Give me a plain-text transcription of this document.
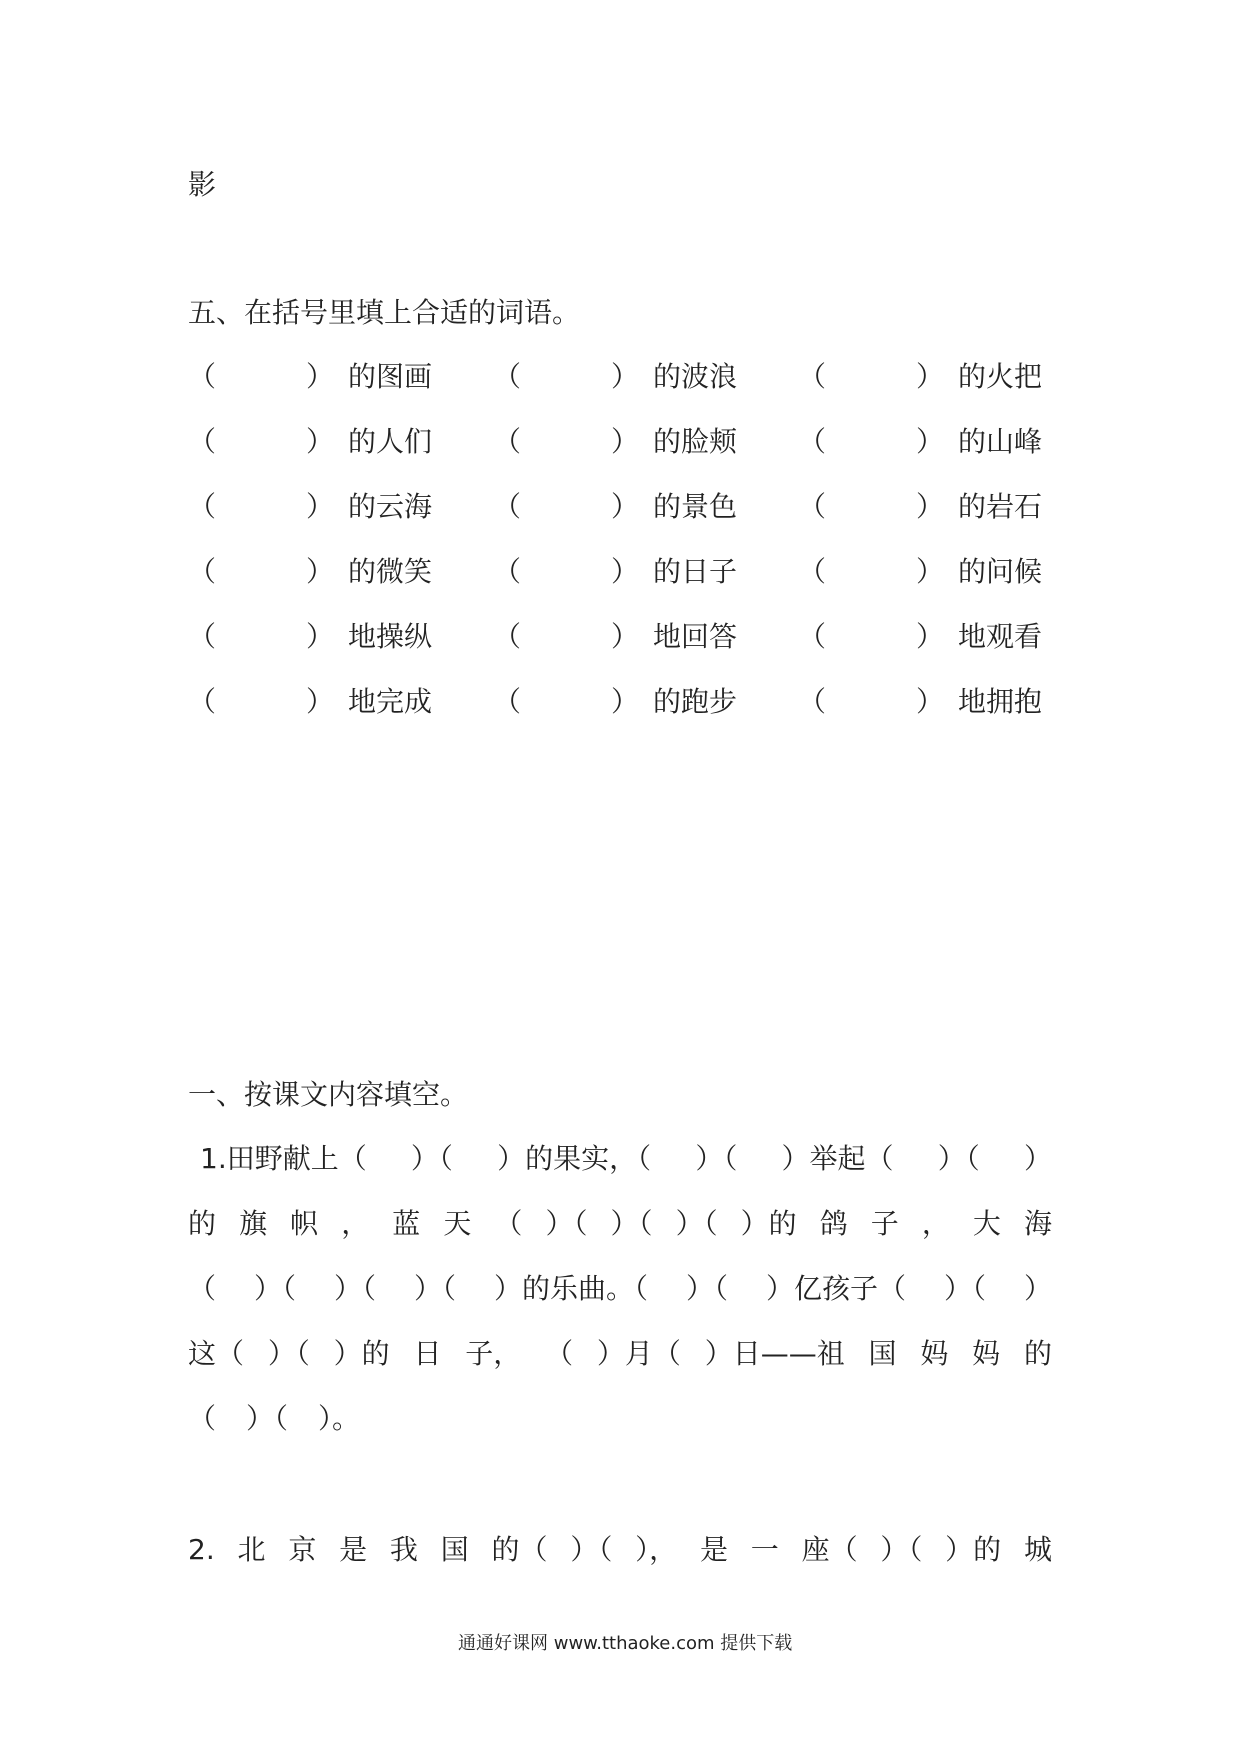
影
五、在括号里填上合适的词语。
（	） 的图画 （	） 的波浪 （	） 的火把
（	） 的人们 （	） 的脸颊 （	） 的山峰
（	） 的云海 （	） 的景色 （	） 的岩石
（	） 的微笑 （	） 的日子 （	） 的问候
（	） 地操纵 （	） 地回答 （	） 地观看
（	） 地完成 （	） 的跑步 （	） 地拥抱
一、按课文内容填空。
1.田野献上（ ）（ ）的果实，（ ）（ ）举起（ ）（ ）
的 旗 帜 ， 蓝 天 （ ）（ ）（ ）（ ）的 鸽 子 ， 大 海
（ ）（ ）（ ）（ ）的乐曲。（ ）（ ）亿孩子（ ）（ ）
这（ ）（ ）的 日 子， （ ）月（ ）日——祖 国 妈 妈 的
（ ）（ ）。
2. 北 京 是 我 国 的（ ）（ ）， 是 一 座（ ）（ ）的 城
通通好课网 www.tthaoke.com 提供下载
